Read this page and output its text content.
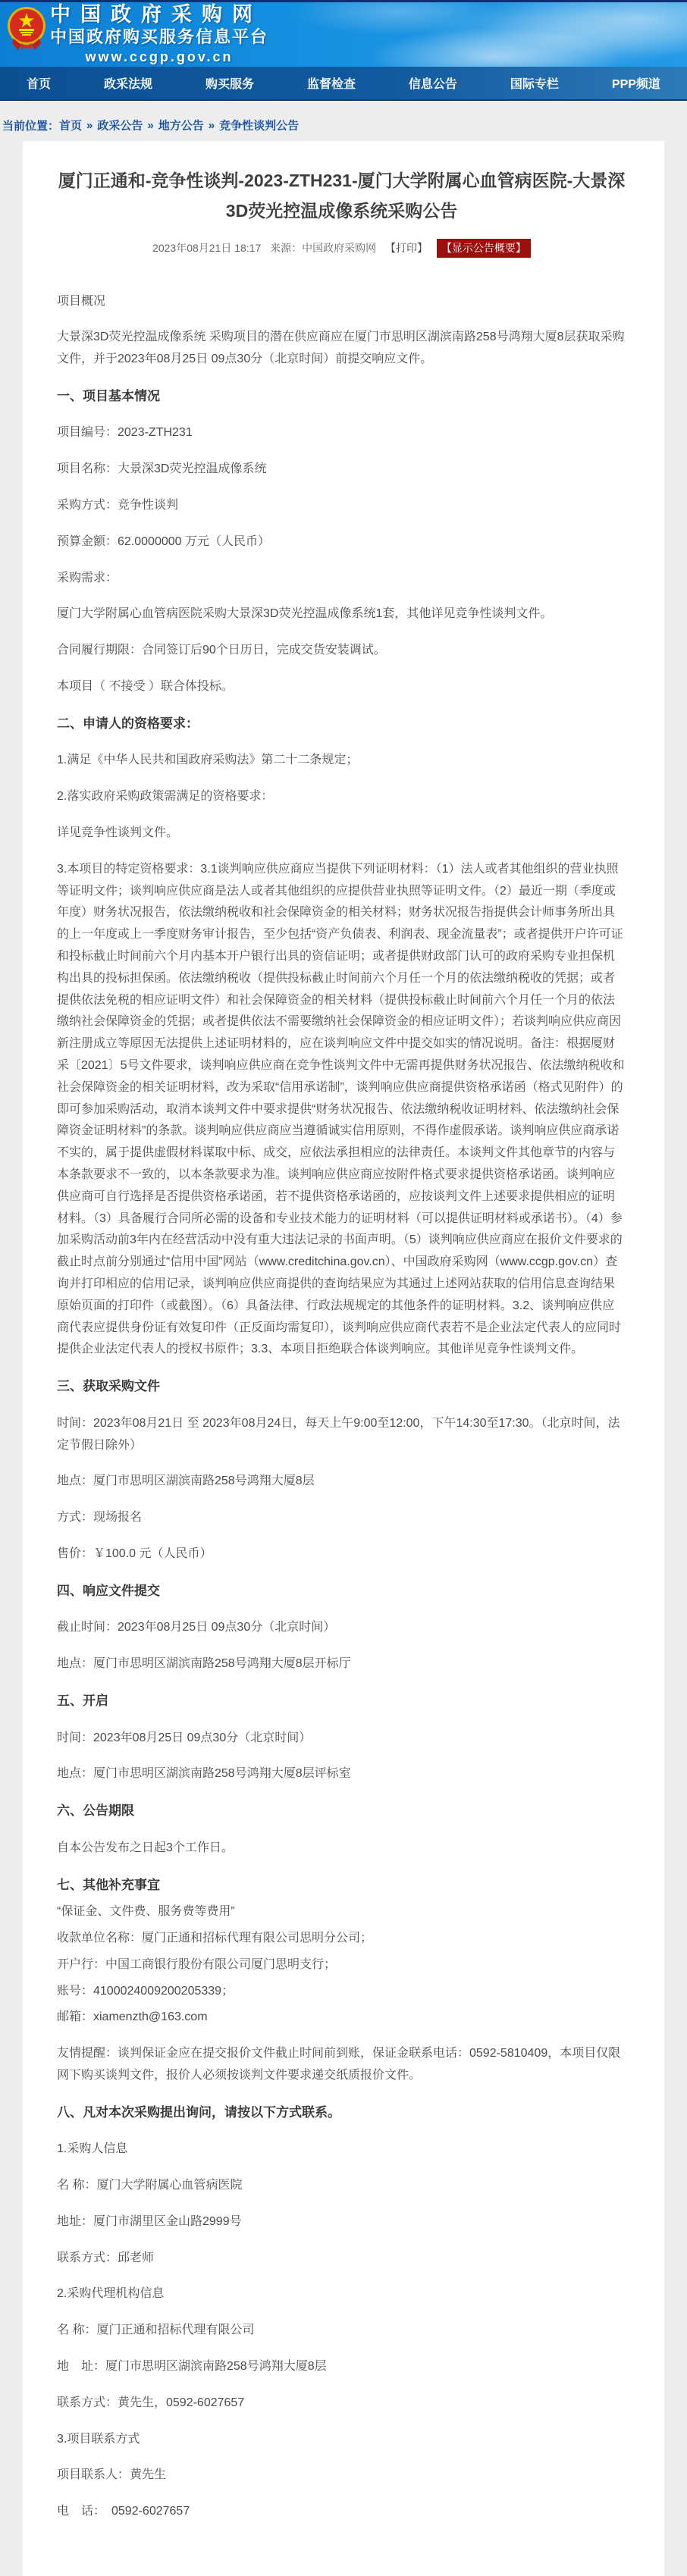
中国政府采购网
中国政府购买服务信息平台
www.ccgp.gov.cn
首页	政采法规	购买服务	监督检查	信息公告	国际专栏	PPP频道
当前位置：首页 » 政采公告 » 地方公告 » 竞争性谈判公告
厦门正通和-竞争性谈判-2023-ZTH231-厦门大学附属心血管病医院-大景深3D荧光控温成像系统采购公告
2023年08月21日 18:17 来源：中国政府采购网 【打印】 【显示公告概要】

项目概况

大景深3D荧光控温成像系统 采购项目的潜在供应商应在厦门市思明区湖滨南路258号鸿翔大厦8层获取采购文件，并于2023年08月25日 09点30分（北京时间）前提交响应文件。

一、项目基本情况

项目编号：2023-ZTH231

项目名称：大景深3D荧光控温成像系统

采购方式：竞争性谈判

预算金额：62.0000000 万元（人民币）

采购需求：

厦门大学附属心血管病医院采购大景深3D荧光控温成像系统1套，其他详见竞争性谈判文件。

合同履行期限：合同签订后90个日历日，完成交货安装调试。

本项目（ 不接受 ）联合体投标。

二、申请人的资格要求：

1.满足《中华人民共和国政府采购法》第二十二条规定；

2.落实政府采购政策需满足的资格要求：

详见竞争性谈判文件。

3.本项目的特定资格要求：3.1谈判响应供应商应当提供下列证明材料：（1）法人或者其他组织的营业执照等证明文件；谈判响应供应商是法人或者其他组织的应提供营业执照等证明文件。（2）最近一期（季度或年度）财务状况报告，依法缴纳税收和社会保障资金的相关材料；财务状况报告指提供会计师事务所出具的上一年度或上一季度财务审计报告，至少包括“资产负债表、利润表、现金流量表”；或者提供开户许可证和投标截止时间前六个月内基本开户银行出具的资信证明；或者提供财政部门认可的政府采购专业担保机构出具的投标担保函。依法缴纳税收（提供投标截止时间前六个月任一个月的依法缴纳税收的凭据；或者提供依法免税的相应证明文件）和社会保障资金的相关材料（提供投标截止时间前六个月任一个月的依法缴纳社会保障资金的凭据；或者提供依法不需要缴纳社会保障资金的相应证明文件）；若谈判响应供应商因新注册成立等原因无法提供上述证明材料的，应在谈判响应文件中提交如实的情况说明。备注：根据厦财采〔2021〕5号文件要求，谈判响应供应商在竞争性谈判文件中无需再提供财务状况报告、依法缴纳税收和社会保障资金的相关证明材料，改为采取“信用承诺制”，谈判响应供应商提供资格承诺函（格式见附件）的即可参加采购活动，取消本谈判文件中要求提供“财务状况报告、依法缴纳税收证明材料、依法缴纳社会保障资金证明材料”的条款。谈判响应供应商应当遵循诚实信用原则，不得作虚假承诺。谈判响应供应商承诺不实的，属于提供虚假材料谋取中标、成交，应依法承担相应的法律责任。本谈判文件其他章节的内容与本条款要求不一致的，以本条款要求为准。谈判响应供应商应按附件格式要求提供资格承诺函。谈判响应供应商可自行选择是否提供资格承诺函，若不提供资格承诺函的，应按谈判文件上述要求提供相应的证明材料。（3）具备履行合同所必需的设备和专业技术能力的证明材料（可以提供证明材料或承诺书）。（4）参加采购活动前3年内在经营活动中没有重大违法记录的书面声明。（5）谈判响应供应商应在报价文件要求的截止时点前分别通过“信用中国”网站（www.creditchina.gov.cn）、中国政府采购网（www.ccgp.gov.cn）查询并打印相应的信用记录，谈判响应供应商提供的查询结果应为其通过上述网站获取的信用信息查询结果原始页面的打印件（或截图）。（6）具备法律、行政法规规定的其他条件的证明材料。3.2、谈判响应供应商代表应提供身份证有效复印件（正反面均需复印），谈判响应供应商代表若不是企业法定代表人的应同时提供企业法定代表人的授权书原件；3.3、本项目拒绝联合体谈判响应。其他详见竞争性谈判文件。

三、获取采购文件

时间：2023年08月21日 至 2023年08月24日，每天上午9:00至12:00，下午14:30至17:30。（北京时间，法定节假日除外）

地点：厦门市思明区湖滨南路258号鸿翔大厦8层

方式：现场报名

售价：￥100.0 元（人民币）

四、响应文件提交

截止时间：2023年08月25日 09点30分（北京时间）

地点：厦门市思明区湖滨南路258号鸿翔大厦8层开标厅

五、开启

时间：2023年08月25日 09点30分（北京时间）

地点：厦门市思明区湖滨南路258号鸿翔大厦8层评标室

六、公告期限

自本公告发布之日起3个工作日。

七、其他补充事宜

“保证金、文件费、服务费等费用”

收款单位名称：厦门正通和招标代理有限公司思明分公司；

开户行：中国工商银行股份有限公司厦门思明支行；

账号：4100024009200205339；

邮箱：xiamenzth@163.com

友情提醒：谈判保证金应在提交报价文件截止时间前到账，保证金联系电话：0592-5810409，本项目仅限网下购买谈判文件，报价人必须按谈判文件要求递交纸质报价文件。

八、凡对本次采购提出询问，请按以下方式联系。

1.采购人信息

名 称：厦门大学附属心血管病医院

地址：厦门市湖里区金山路2999号

联系方式：邱老师

2.采购代理机构信息

名 称：厦门正通和招标代理有限公司

地　址：厦门市思明区湖滨南路258号鸿翔大厦8层

联系方式：黄先生，0592-6027657

3.项目联系方式

项目联系人：黄先生

电　话：　0592-6027657
